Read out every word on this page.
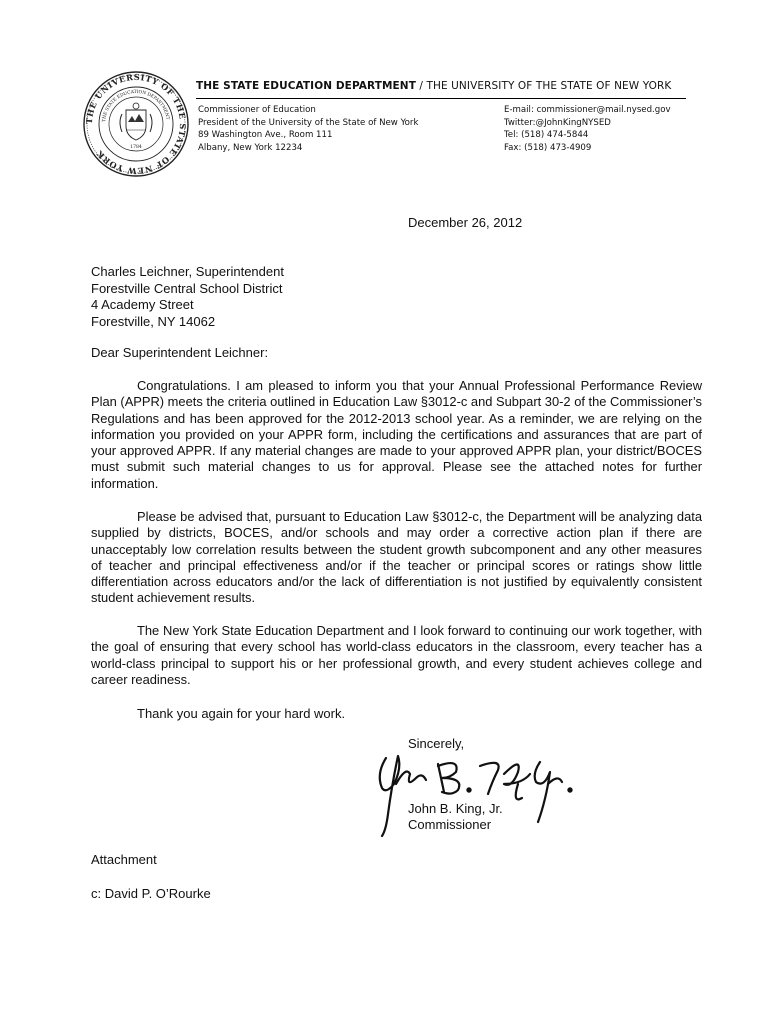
THE UNIVERSITY OF THE STATE OF NEW YORK
THE STATE EDUCATION DEPARTMENT
1784
THE STATE EDUCATION DEPARTMENT / THE UNIVERSITY OF THE STATE OF NEW YORK
Commissioner of Education
President of the University of the State of New York
89 Washington Ave., Room 111
Albany, New York 12234
E-mail: commissioner@mail.nysed.gov
Twitter:@JohnKingNYSED
Tel: (518) 474-5844
Fax: (518) 473-4909
December 26, 2012
Charles Leichner, Superintendent
Forestville Central School District
4 Academy Street
Forestville, NY 14062
Dear Superintendent Leichner:

Congratulations. I am pleased to inform you that your Annual Professional Performance Review Plan (APPR) meets the criteria outlined in Education Law §3012-c and Subpart 30-2 of the Commissioner’s Regulations and has been approved for the 2012-2013 school year. As a reminder, we are relying on the information you provided on your APPR form, including the certifications and assurances that are part of your approved APPR. If any material changes are made to your approved APPR plan, your district/BOCES must submit such material changes to us for approval. Please see the attached notes for further information.

Please be advised that, pursuant to Education Law §3012-c, the Department will be analyzing data supplied by districts, BOCES, and/or schools and may order a corrective action plan if there are unacceptably low correlation results between the student growth subcomponent and any other measures of teacher and principal effectiveness and/or if the teacher or principal scores or ratings show little differentiation across educators and/or the lack of differentiation is not justified by equivalently consistent student achievement results.

The New York State Education Department and I look forward to continuing our work together, with the goal of ensuring that every school has world-class educators in the classroom, every teacher has a world-class principal to support his or her professional growth, and every student achieves college and career readiness.

Thank you again for your hard work.
Sincerely,
John B. King, Jr.
Commissioner
Attachment
c: David P. O’Rourke
